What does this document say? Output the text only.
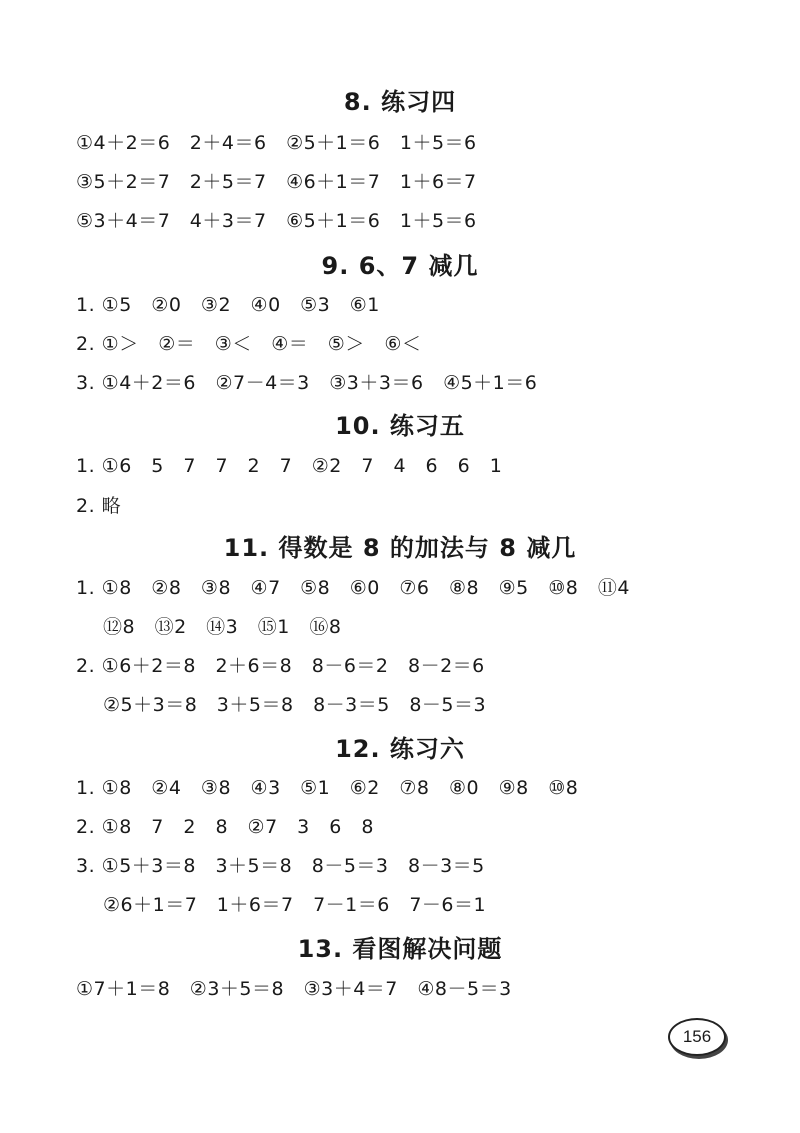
8. 练习四
①4＋2＝6　2＋4＝6　②5＋1＝6　1＋5＝6
③5＋2＝7　2＋5＝7　④6＋1＝7　1＋6＝7
⑤3＋4＝7　4＋3＝7　⑥5＋1＝6　1＋5＝6
9. 6、7 减几
1. ①5　②0　③2　④0　⑤3　⑥1
2. ①＞　②＝　③＜　④＝　⑤＞　⑥＜
3. ①4＋2＝6　②7－4＝3　③3＋3＝6　④5＋1＝6
10. 练习五
1. ①6　5　7　7　2　7　②2　7　4　6　6　1
2. 略
11. 得数是 8 的加法与 8 减几
1. ①8　②8　③8　④7　⑤8　⑥0　⑦6　⑧8　⑨5　⑩8　⑪4
⑫8　⑬2　⑭3　⑮1　⑯8
2. ①6＋2＝8　2＋6＝8　8－6＝2　8－2＝6
②5＋3＝8　3＋5＝8　8－3＝5　8－5＝3
12. 练习六
1. ①8　②4　③8　④3　⑤1　⑥2　⑦8　⑧0　⑨8　⑩8
2. ①8　7　2　8　②7　3　6　8
3. ①5＋3＝8　3＋5＝8　8－5＝3　8－3＝5
②6＋1＝7　1＋6＝7　7－1＝6　7－6＝1
13. 看图解决问题
①7＋1＝8　②3＋5＝8　③3＋4＝7　④8－5＝3
156
